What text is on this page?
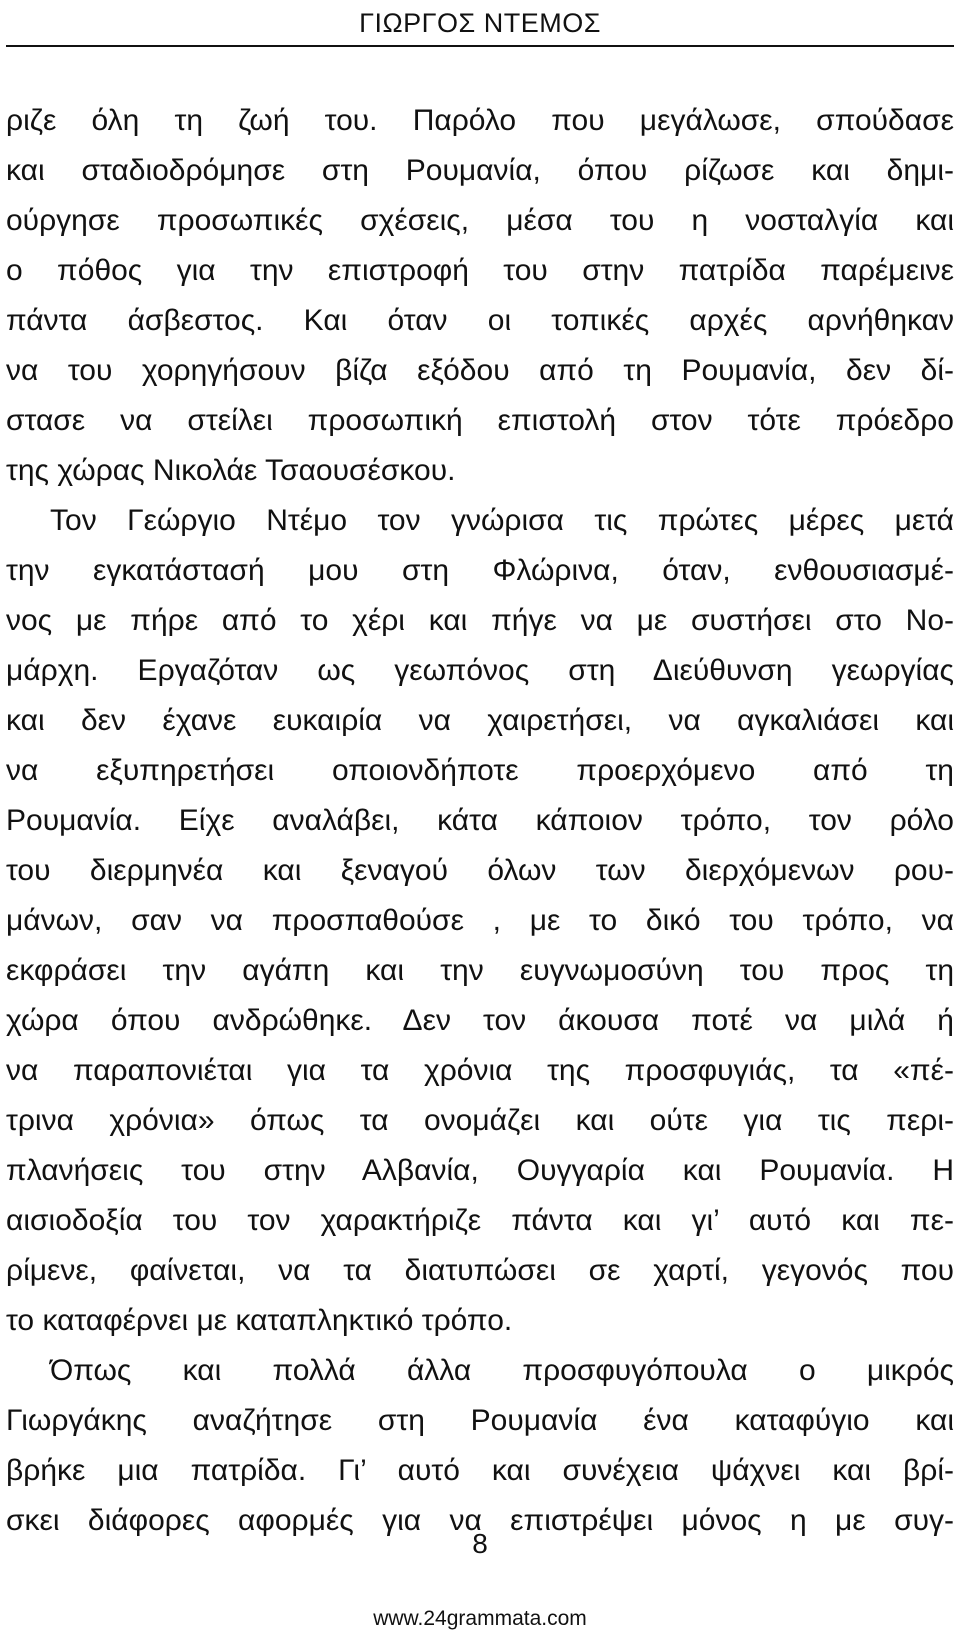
ΓΙΩΡΓΟΣ ΝΤΕΜΟΣ
ριζε όλη τη ζωή του. Παρόλο που μεγάλωσε, σπούδασε
και σταδιοδρόμησε στη Ρουμανία, όπου ρίζωσε και δημι-
ούργησε προσωπικές σχέσεις, μέσα του η νοσταλγία και
ο πόθος για την επιστροφή του στην πατρίδα παρέμεινε
πάντα άσβεστος. Και όταν οι τοπικές αρχές αρνήθηκαν
να του χορηγήσουν βίζα εξόδου από τη Ρουμανία, δεν δί-
στασε να στείλει προσωπική επιστολή στον τότε πρόεδρο
της χώρας Νικολάε Τσαουσέσκου.
Τον Γεώργιο Ντέμο τον γνώρισα τις πρώτες μέρες μετά
την εγκατάστασή μου στη Φλώρινα, όταν, ενθουσιασμέ-
νος με πήρε από το χέρι και πήγε να με συστήσει στο Νο-
μάρχη. Εργαζόταν ως γεωπόνος στη Διεύθυνση γεωργίας
και δεν έχανε ευκαιρία να χαιρετήσει, να αγκαλιάσει και
να εξυπηρετήσει οποιονδήποτε προερχόμενο από τη
Ρουμανία. Είχε αναλάβει, κάτα κάποιον τρόπο, τον ρόλο
του διερμηνέα και ξεναγού όλων των διερχόμενων ρου-
μάνων, σαν να προσπαθούσε , με το δικό του τρόπο, να
εκφράσει την αγάπη και την ευγνωμοσύνη του προς τη
χώρα όπου ανδρώθηκε. Δεν τον άκουσα ποτέ να μιλά ή
να παραπονιέται για τα χρόνια της προσφυγιάς, τα «πέ-
τρινα χρόνια» όπως τα ονομάζει και ούτε για τις περι-
πλανήσεις του στην Αλβανία, Ουγγαρία και Ρουμανία. Η
αισιοδοξία του τον χαρακτήριζε πάντα και γι’ αυτό και πε-
ρίμενε, φαίνεται, να τα διατυπώσει σε χαρτί, γεγονός που
το καταφέρνει με καταπληκτικό τρόπο.
Όπως και πολλά άλλα προσφυγόπουλα ο μικρός
Γιωργάκης αναζήτησε στη Ρουμανία ένα καταφύγιο και
βρήκε μια πατρίδα. Γι’ αυτό και συνέχεια ψάχνει και βρί-
σκει διάφορες αφορμές για να επιστρέψει μόνος η με συγ-
8
www.24grammata.com
